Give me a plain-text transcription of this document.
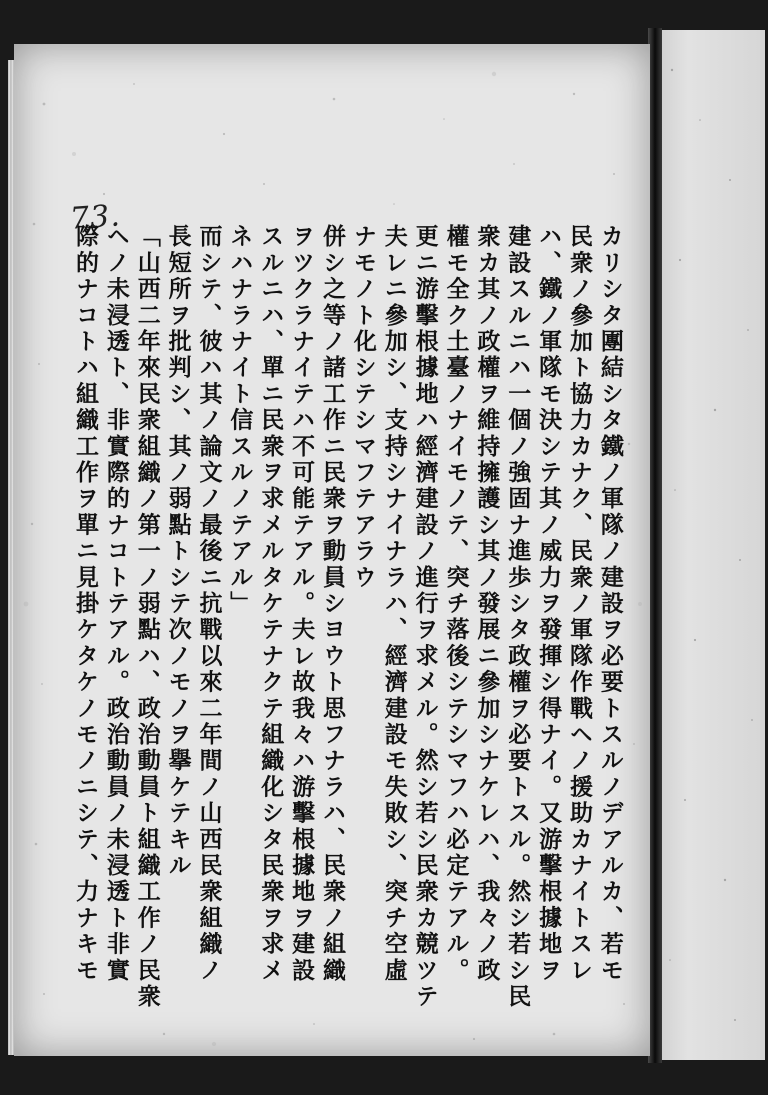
73.
カリシタ團結シタ鐵ノ軍隊ノ建設ヲ必要トスルノデアルカ、若モ
民衆ノ參加ト協力カナク、民衆ノ軍隊作戰ヘノ援助カナイトスレ
ハ、鐵ノ軍隊モ決シテ其ノ威力ヲ發揮シ得ナイ。又游擊根據地ヲ
建設スルニハ一個ノ強固ナ進歩シタ政權ヲ必要トスル。然シ若シ民
衆カ其ノ政權ヲ維持擁護シ其ノ發展ニ參加シナケレハ、我々ノ政
權モ全ク土臺ノナイモノテ、突チ落後シテシマフハ必定テアル。
更ニ游擊根據地ハ經濟建設ノ進行ヲ求メル。然シ若シ民衆カ競ツテ
夫レニ參加シ、支持シナイナラハ、經濟建設モ失敗シ、突チ空虛
ナモノト化シテシマフテアラウ
併シ之等ノ諸工作ニ民衆ヲ動員シヨウト思フナラハ、民衆ノ組織
ヲツクラナイテハ不可能テアル。夫レ故我々ハ游擊根據地ヲ建設
スルニハ、單ニ民衆ヲ求メルタケテナクテ組織化シタ民衆ヲ求メ
ネハナラナイト信スルノテアル」
而シテ、彼ハ其ノ論文ノ最後ニ抗戰以來二年間ノ山西民衆組織ノ
長短所ヲ批判シ、其ノ弱點トシテ次ノモノヲ擧ケテキル
「山西二年來民衆組織ノ第一ノ弱點ハ、政治動員ト組織工作ノ民衆
ヘノ未浸透ト、非實際的ナコトテアル。政治動員ノ未浸透ト非實
際的ナコトハ組織工作ヲ單ニ見掛ケタケノモノニシテ、力ナキモ
